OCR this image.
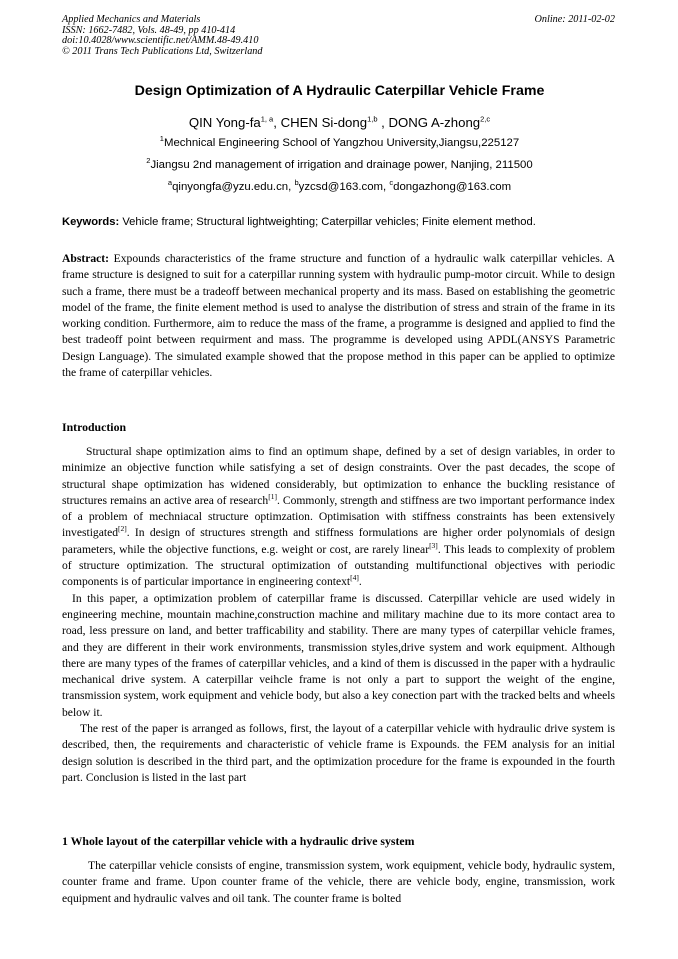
Applied Mechanics and Materials
ISSN: 1662-7482, Vols. 48-49, pp 410-414
doi:10.4028/www.scientific.net/AMM.48-49.410
© 2011 Trans Tech Publications Ltd, Switzerland
Online: 2011-02-02
Design Optimization of A Hydraulic Caterpillar Vehicle Frame
QIN Yong-fa$^{1, a}$, CHEN Si-dong$^{1,b}$ , DONG A-zhong$^{2,c}$
$^1$Mechnical Engineering School of Yangzhou University,Jiangsu,225127
$^2$Jiangsu 2nd management of irrigation and drainage power, Nanjing, 211500
$^a$qinyongfa@yzu.edu.cn, $^b$yzcsd@163.com, $^c$dongazhong@163.com
Keywords: Vehicle frame; Structural lightweighting; Caterpillar vehicles; Finite element method.

Abstract: Expounds characteristics of the frame structure and function of a hydraulic walk caterpillar vehicles. A frame structure is designed to suit for a caterpillar running system with hydraulic pump-motor circuit. While to design such a frame, there must be a tradeoff between mechanical property and its mass. Based on establishing the geometric model of the frame, the finite element method is used to analyse the distribution of stress and strain of the frame in its working condition. Furthermore, aim to reduce the mass of the frame, a programme is designed and applied to find the best tradeoff point between requirment and mass. The programme is developed using APDL(ANSYS Parametric Design Language). The simulated example showed that the propose method in this paper can be applied to optimize the frame of caterpillar vehicles.

Introduction

Structural shape optimization aims to find an optimum shape, defined by a set of design variables, in order to minimize an objective function while satisfying a set of design constraints. Over the past decades, the scope of structural shape optimization has widened considerably, but optimization to enhance the buckling resistance of structures remains an active area of research[1]. Commonly, strength and stiffness are two important performance index of a problem of mechniacal structure optimzation. Optimisation with stiffness constraints has been extensively investigated[2]. In design of structures strength and stiffness formulations are higher order polynomials of design parameters, while the objective functions, e.g. weight or cost, are rarely linear[3]. This leads to complexity of problem of structure optimization. The structural optimization of outstanding multifunctional objectives with periodic components is of particular importance in engineering context[4].

In this paper, a optimization problem of caterpillar frame is discussed. Caterpillar vehicle are used widely in engineering mechine, mountain machine,construction machine and military machine due to its more contact area to road, less pressure on land, and better trafficability and stability. There are many types of caterpillar vehicle frames, and they are different in their work environments, transmission styles,drive system and work equipment. Although there are many types of the frames of caterpillar vehicles, and a kind of them is discussed in the paper with a hydraulic mechanical drive system. A caterpillar veihcle frame is not only a part to support the weight of the engine, transmission system, work equipment and vehicle body, but also a key conection part with the tracked belts and wheels below it.

The rest of the paper is arranged as follows, first, the layout of a caterpillar vehicle with hydraulic drive system is described, then, the requirements and characteristic of vehicle frame is Expounds. the FEM analysis for an initial design solution is described in the third part, and the optimization procedure for the frame is expounded in the fourth part. Conclusion is listed in the last part

1 Whole layout of the caterpillar vehicle with a hydraulic drive system

The caterpillar vehicle consists of engine, transmission system, work equipment, vehicle body, hydraulic system, counter frame and frame. Upon counter frame of the vehicle, there are vehicle body, engine, transmission, work equipment and hydraulic valves and oil tank. The counter frame is bolted
